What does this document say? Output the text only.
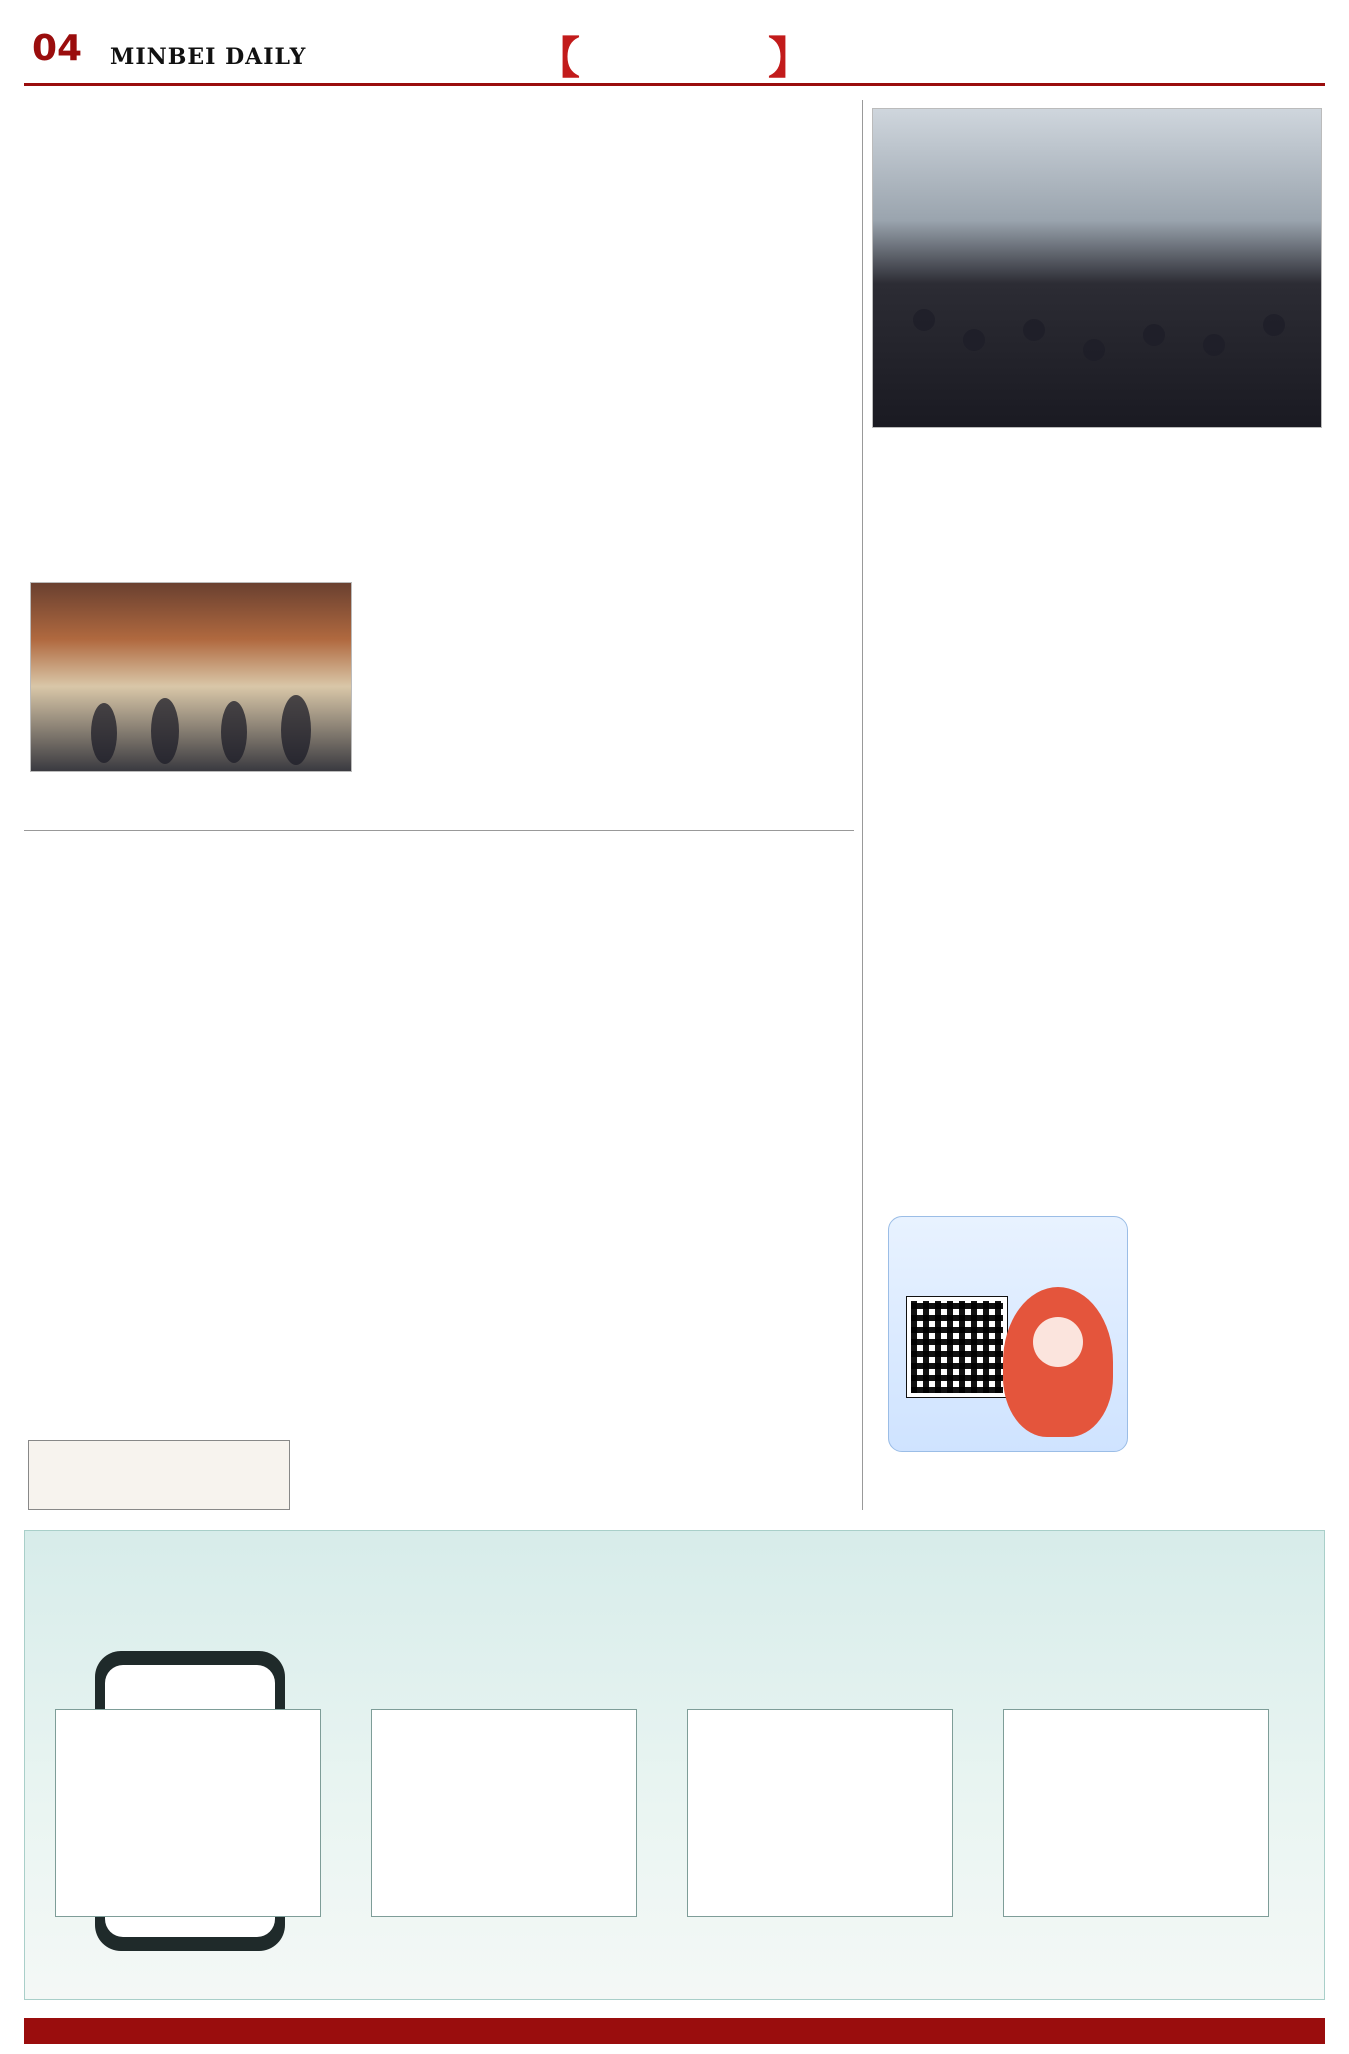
04 MINBEI DAILY	【	】
